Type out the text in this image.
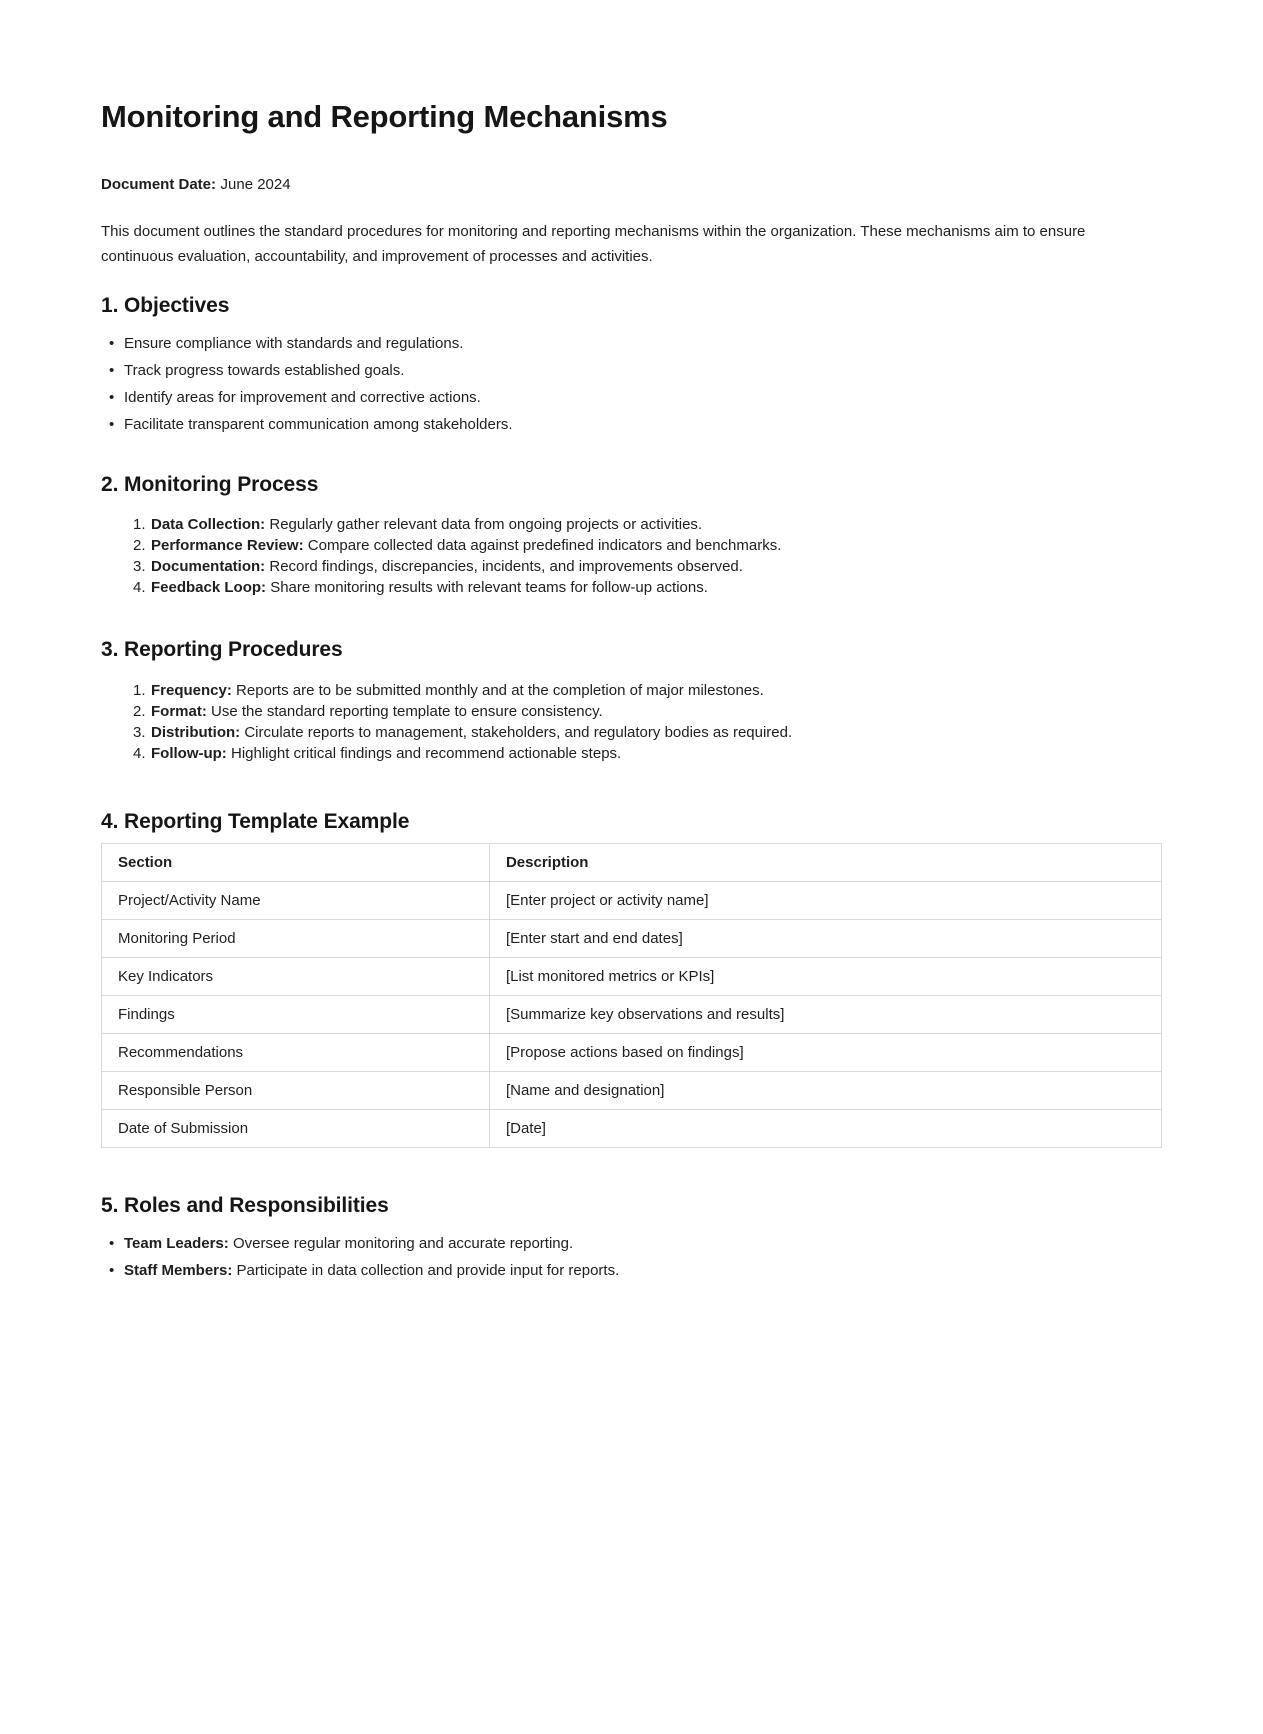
Monitoring and Reporting Mechanisms

Document Date: June 2024

This document outlines the standard procedures for monitoring and reporting mechanisms within the organization. These mechanisms aim to ensure continuous evaluation, accountability, and improvement of processes and activities.

1. Objectives
• Ensure compliance with standards and regulations.
• Track progress towards established goals.
• Identify areas for improvement and corrective actions.
• Facilitate transparent communication among stakeholders.
2. Monitoring Process
1. Data Collection: Regularly gather relevant data from ongoing projects or activities.
2. Performance Review: Compare collected data against predefined indicators and benchmarks.
3. Documentation: Record findings, discrepancies, incidents, and improvements observed.
4. Feedback Loop: Share monitoring results with relevant teams for follow-up actions.
3. Reporting Procedures
1. Frequency: Reports are to be submitted monthly and at the completion of major milestones.
2. Format: Use the standard reporting template to ensure consistency.
3. Distribution: Circulate reports to management, stakeholders, and regulatory bodies as required.
4. Follow-up: Highlight critical findings and recommend actionable steps.
4. Reporting Template Example
Section	Description
Project/Activity Name	[Enter project or activity name]
Monitoring Period	[Enter start and end dates]
Key Indicators	[List monitored metrics or KPIs]
Findings	[Summarize key observations and results]
Recommendations	[Propose actions based on findings]
Responsible Person	[Name and designation]
Date of Submission	[Date]
5. Roles and Responsibilities
• Team Leaders: Oversee regular monitoring and accurate reporting.
• Staff Members: Participate in data collection and provide input for reports.
